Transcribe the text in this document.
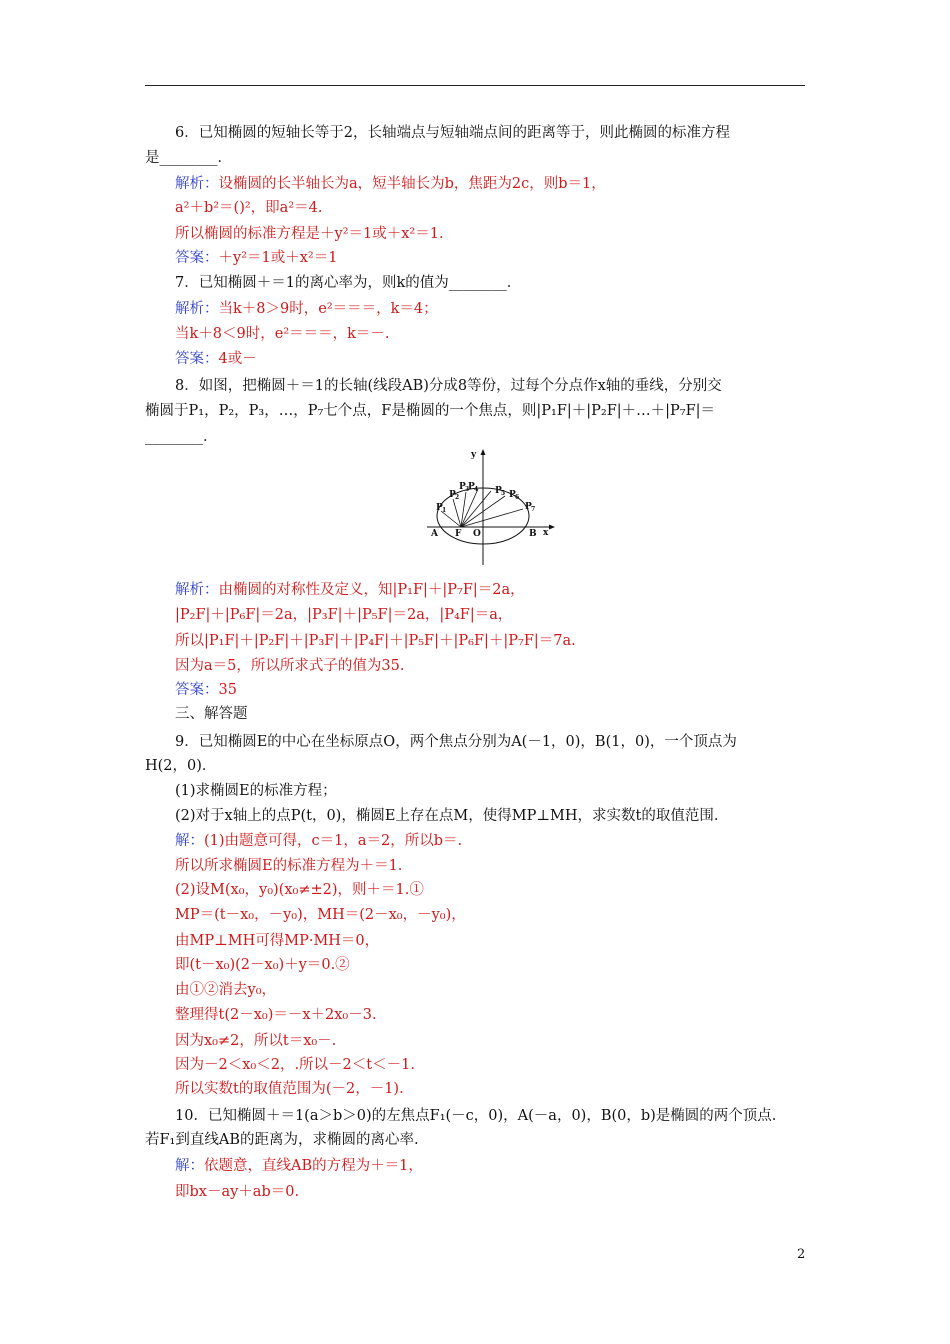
6．已知椭圆的短轴长等于2，长轴端点与短轴端点间的距离等于，则此椭圆的标准方程
是________．
解析：设椭圆的长半轴长为a，短半轴长为b，焦距为2c，则b＝1，
a²＋b²＝()²，即a²＝4.
所以椭圆的标准方程是＋y²＝1或＋x²＝1.
答案：＋y²＝1或＋x²＝1
7．已知椭圆＋＝1的离心率为，则k的值为________．
解析：当k＋8＞9时，e²＝＝＝，k＝4；
当k＋8＜9时，e²＝＝＝，k＝－.
答案：4或－
8．如图，把椭圆＋＝1的长轴(线段AB)分成8等份，过每个分点作x轴的垂线，分别交
椭圆于P₁，P₂，P₃，…，P₇七个点，F是椭圆的一个焦点，则|P₁F|＋|P₂F|＋…＋|P₇F|＝
________．
解析：由椭圆的对称性及定义，知|P₁F|＋|P₇F|＝2a，
|P₂F|＋|P₆F|＝2a，|P₃F|＋|P₅F|＝2a，|P₄F|＝a，
所以|P₁F|＋|P₂F|＋|P₃F|＋|P₄F|＋|P₅F|＋|P₆F|＋|P₇F|＝7a.
因为a＝5，所以所求式子的值为35.
答案：35
三、解答题
9．已知椭圆E的中心在坐标原点O，两个焦点分别为A(－1，0)，B(1，0)，一个顶点为
H(2，0)．
(1)求椭圆E的标准方程；
(2)对于x轴上的点P(t，0)，椭圆E上存在点M，使得MP⊥MH，求实数t的取值范围.
解：(1)由题意可得，c＝1，a＝2，所以b＝.
所以所求椭圆E的标准方程为＋＝1.
(2)设M(x₀，y₀)(x₀≠±2)，则＋＝1.①
MP＝(t－x₀，－y₀)，MH＝(2－x₀，－y₀)，
由MP⊥MH可得MP·MH＝0，
即(t－x₀)(2－x₀)＋y＝0.②
由①②消去y₀，
整理得t(2－x₀)＝－x＋2x₀－3.
因为x₀≠2，所以t＝x₀－.
因为－2＜x₀＜2，.所以－2＜t＜－1.
所以实数t的取值范围为(－2，－1).
10．已知椭圆＋＝1(a＞b＞0)的左焦点F₁(－c，0)，A(－a，0)，B(0，b)是椭圆的两个顶点.
若F₁到直线AB的距离为，求椭圆的离心率.
解：依题意，直线AB的方程为＋＝1，
即bx－ay＋ab＝0.
y
x
A F O	B
P 1
P 2
P 3
P 4 P 5 P 6
P 7
2
